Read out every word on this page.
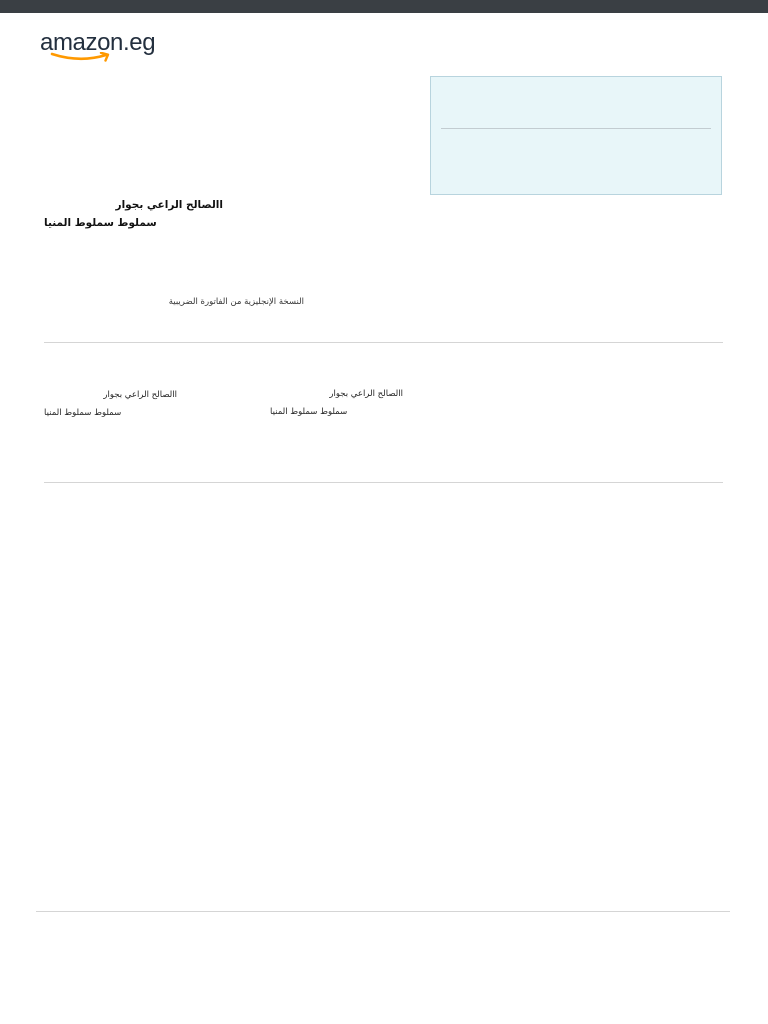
amazon.eg
االصالح الراعي بجوار
سملوط سملوط المنيا
النسخة الإنجليزية من الفاتورة الضريبية
االصالح الراعي بجوار
سملوط سملوط المنيا
االصالح الراعي بجوار
سملوط سملوط المنيا
